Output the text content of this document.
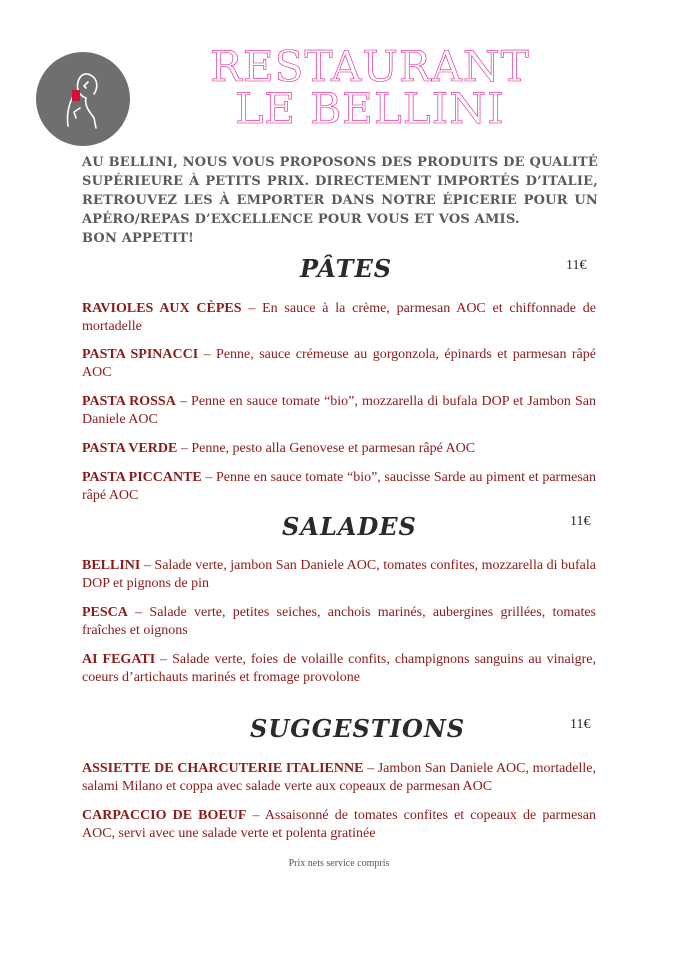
RESTAURANT
LE BELLINI
AU BELLINI, NOUS VOUS PROPOSONS DES PRODUITS DE QUALITÉ SUPÉRIEURE À PETITS PRIX. DIRECTEMENT IMPORTÉS D’ITALIE, RETROUVEZ LES À EMPORTER DANS NOTRE ÉPICERIE POUR UN APÉRO/REPAS D’EXCELLENCE POUR VOUS ET VOS AMIS.
BON APPETIT!
PÂTES	11€
RAVIOLES AUX CÈPES – En sauce à la crème, parmesan AOC et chiffonnade de mortadelle
PASTA SPINACCI – Penne, sauce crémeuse au gorgonzola, épinards et parmesan râpé AOC
PASTA ROSSA – Penne en sauce tomate “bio”, mozzarella di bufala DOP et Jambon San Daniele AOC
PASTA VERDE – Penne, pesto alla Genovese et parmesan râpé AOC
PASTA PICCANTE – Penne en sauce tomate “bio”, saucisse Sarde au piment et parmesan râpé AOC
SALADES	11€
BELLINI – Salade verte, jambon San Daniele AOC, tomates confites, mozzarella di bufala DOP et pignons de pin
PESCA – Salade verte, petites seiches, anchois marinés, aubergines grillées, tomates fraîches et oignons
AI FEGATI – Salade verte, foies de volaille confits, champignons sanguins au vinaigre, coeurs d’artichauts marinés et fromage provolone
SUGGESTIONS	11€
ASSIETTE DE CHARCUTERIE ITALIENNE – Jambon San Daniele AOC, mortadelle, salami Milano et coppa avec salade verte aux copeaux de parmesan AOC
CARPACCIO DE BOEUF – Assaisonné de tomates confites et copeaux de parmesan AOC, servi avec une salade verte et polenta gratinée
Prix nets service compris
